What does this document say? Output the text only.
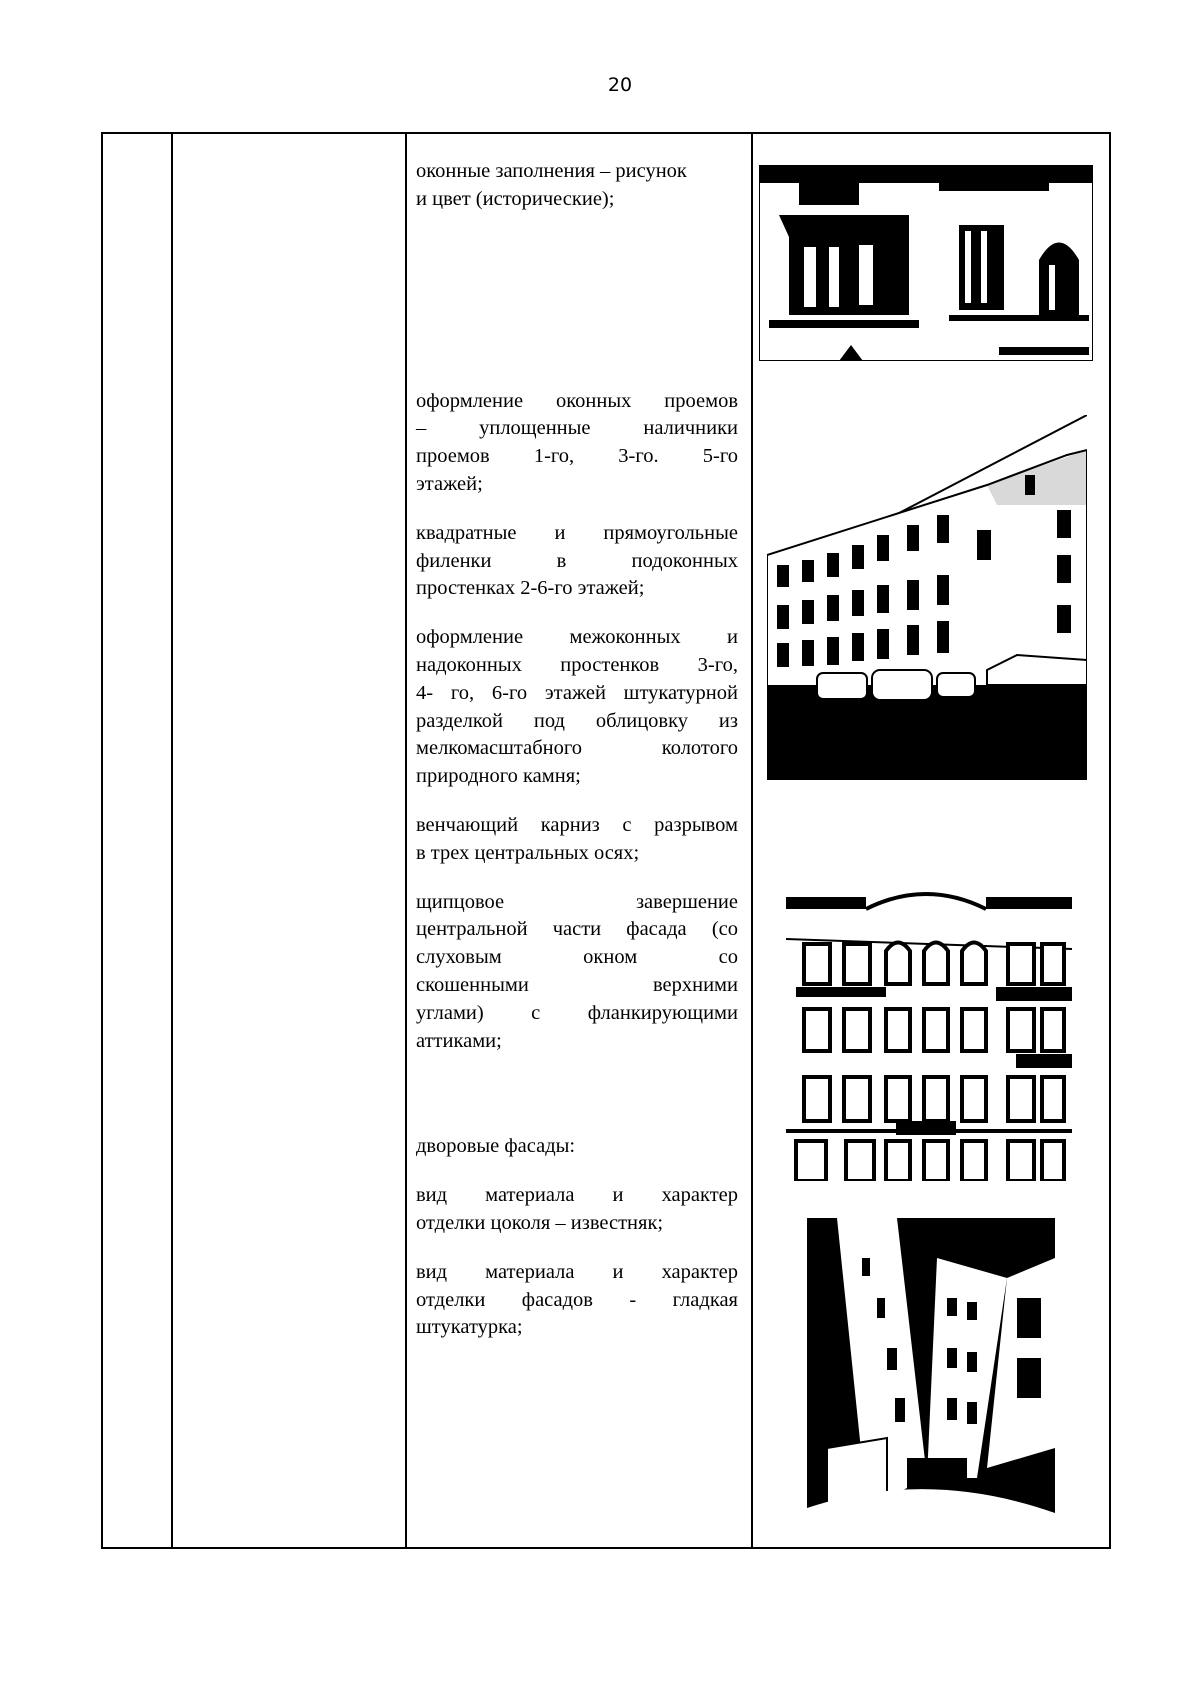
20

оконные заполнения – рисунок
и цвет (исторические);

оформление оконных проемов
– уплощенные наличники
проемов 1-го, 3-го. 5-го
этажей;
квадратные и прямоугольные
филенки в подоконных
простенках 2-6-го этажей;
оформление межоконных и
надоконных простенков 3-го,
4- го, 6-го этажей штукатурной
разделкой под облицовку из
мелкомасштабного колотого
природного камня;
венчающий карниз с разрывом
в трех центральных осях;
щипцовое завершение
центральной части фасада (со
слуховым окном со
скошенными верхними
углами) с фланкирующими
аттиками;
дворовые фасады:
вид материала и характер
отделки цоколя – известняк;
вид материала и характер
отделки фасадов - гладкая
штукатурка;
